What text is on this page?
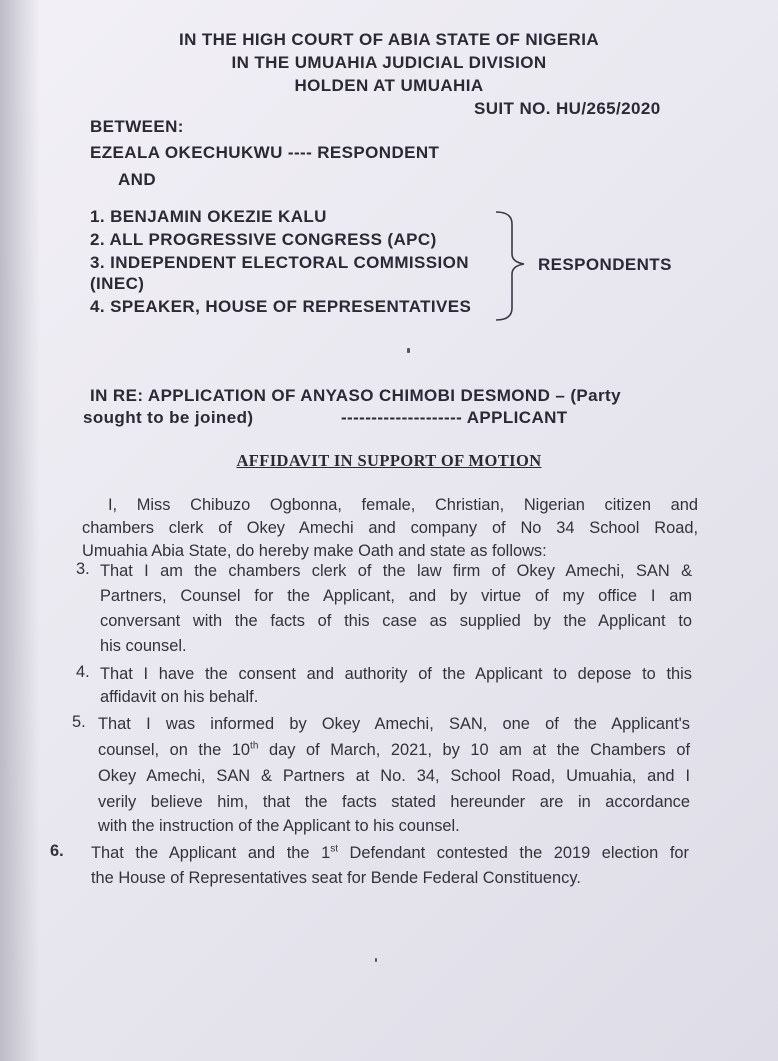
IN THE HIGH COURT OF ABIA STATE OF NIGERIA
IN THE UMUAHIA JUDICIAL DIVISION
HOLDEN AT UMUAHIA
SUIT NO. HU/265/2020
BETWEEN:
EZEALA OKECHUKWU ---- RESPONDENT
AND
1. BENJAMIN OKEZIE KALU
2. ALL PROGRESSIVE CONGRESS (APC)
3. INDEPENDENT ELECTORAL COMMISSION
(INEC)
4. SPEAKER, HOUSE OF REPRESENTATIVES
RESPONDENTS
IN RE: APPLICATION OF ANYASO CHIMOBI DESMOND – (Party
sought to be joined)	-------------------- APPLICANT
AFFIDAVIT IN SUPPORT OF MOTION
I, Miss Chibuzo Ogbonna, female, Christian, Nigerian citizen and
chambers clerk of Okey Amechi and company of No 34 School Road,
Umuahia Abia State, do hereby make Oath and state as follows:
3. That I am the chambers clerk of the law firm of Okey Amechi, SAN &
Partners, Counsel for the Applicant, and by virtue of my office I am
conversant with the facts of this case as supplied by the Applicant to
his counsel.
4. That I have the consent and authority of the Applicant to depose to this
affidavit on his behalf.
5. That I was informed by Okey Amechi, SAN, one of the Applicant's
counsel, on the 10th day of March, 2021, by 10 am at the Chambers of
Okey Amechi, SAN & Partners at No. 34, School Road, Umuahia, and I
verily believe him, that the facts stated hereunder are in accordance
with the instruction of the Applicant to his counsel.
6. That the Applicant and the 1st Defendant contested the 2019 election for
the House of Representatives seat for Bende Federal Constituency.
